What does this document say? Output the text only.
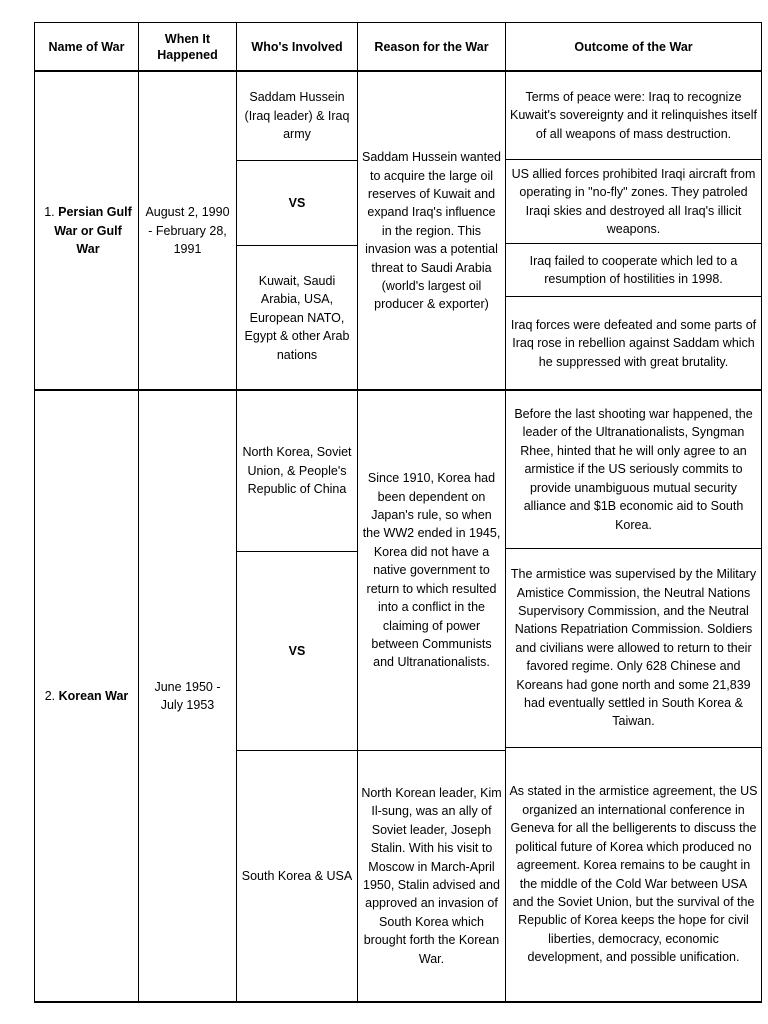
Name of War
When It Happened
Who's Involved	Reason for the War	Outcome of the War
1. Persian Gulf War or Gulf War
August 2, 1990 - February 28, 1991
Saddam Hussein (Iraq leader) & Iraq army
VS
Kuwait, Saudi Arabia, USA, European NATO, Egypt & other Arab nations
Saddam Hussein wanted to acquire the large oil reserves of Kuwait and expand Iraq's influence in the region. This invasion was a potential threat to Saudi Arabia (world's largest oil producer & exporter)
Terms of peace were: Iraq to recognize Kuwait's sovereignty and it relinquishes itself of all weapons of mass destruction.
US allied forces prohibited Iraqi aircraft from operating in "no-fly" zones. They patroled Iraqi skies and destroyed all Iraq's illicit weapons.
Iraq failed to cooperate which led to a resumption of hostilities in 1998.
Iraq forces were defeated and some parts of Iraq rose in rebellion against Saddam which he suppressed with great brutality.
2. Korean War
June 1950 - July 1953
North Korea, Soviet Union, & People's Republic of China
VS
South Korea & USA
Since 1910, Korea had been dependent on Japan's rule, so when the WW2 ended in 1945, Korea did not have a native government to return to which resulted into a conflict in the claiming of power between Communists and Ultranationalists.
North Korean leader, Kim Il-sung, was an ally of Soviet leader, Joseph Stalin. With his visit to Moscow in March-April 1950, Stalin advised and approved an invasion of South Korea which brought forth the Korean War.
Before the last shooting war happened, the leader of the Ultranationalists, Syngman Rhee, hinted that he will only agree to an armistice if the US seriously commits to provide unambiguous mutual security alliance and $1B economic aid to South Korea.
The armistice was supervised by the Military Amistice Commission, the Neutral Nations Supervisory Commission, and the Neutral Nations Repatriation Commission. Soldiers and civilians were allowed to return to their favored regime. Only 628 Chinese and Koreans had gone north and some 21,839 had eventually settled in South Korea & Taiwan.
As stated in the armistice agreement, the US organized an international conference in Geneva for all the belligerents to discuss the political future of Korea which produced no agreement. Korea remains to be caught in the middle of the Cold War between USA and the Soviet Union, but the survival of the Republic of Korea keeps the hope for civil liberties, democracy, economic development, and possible unification.
